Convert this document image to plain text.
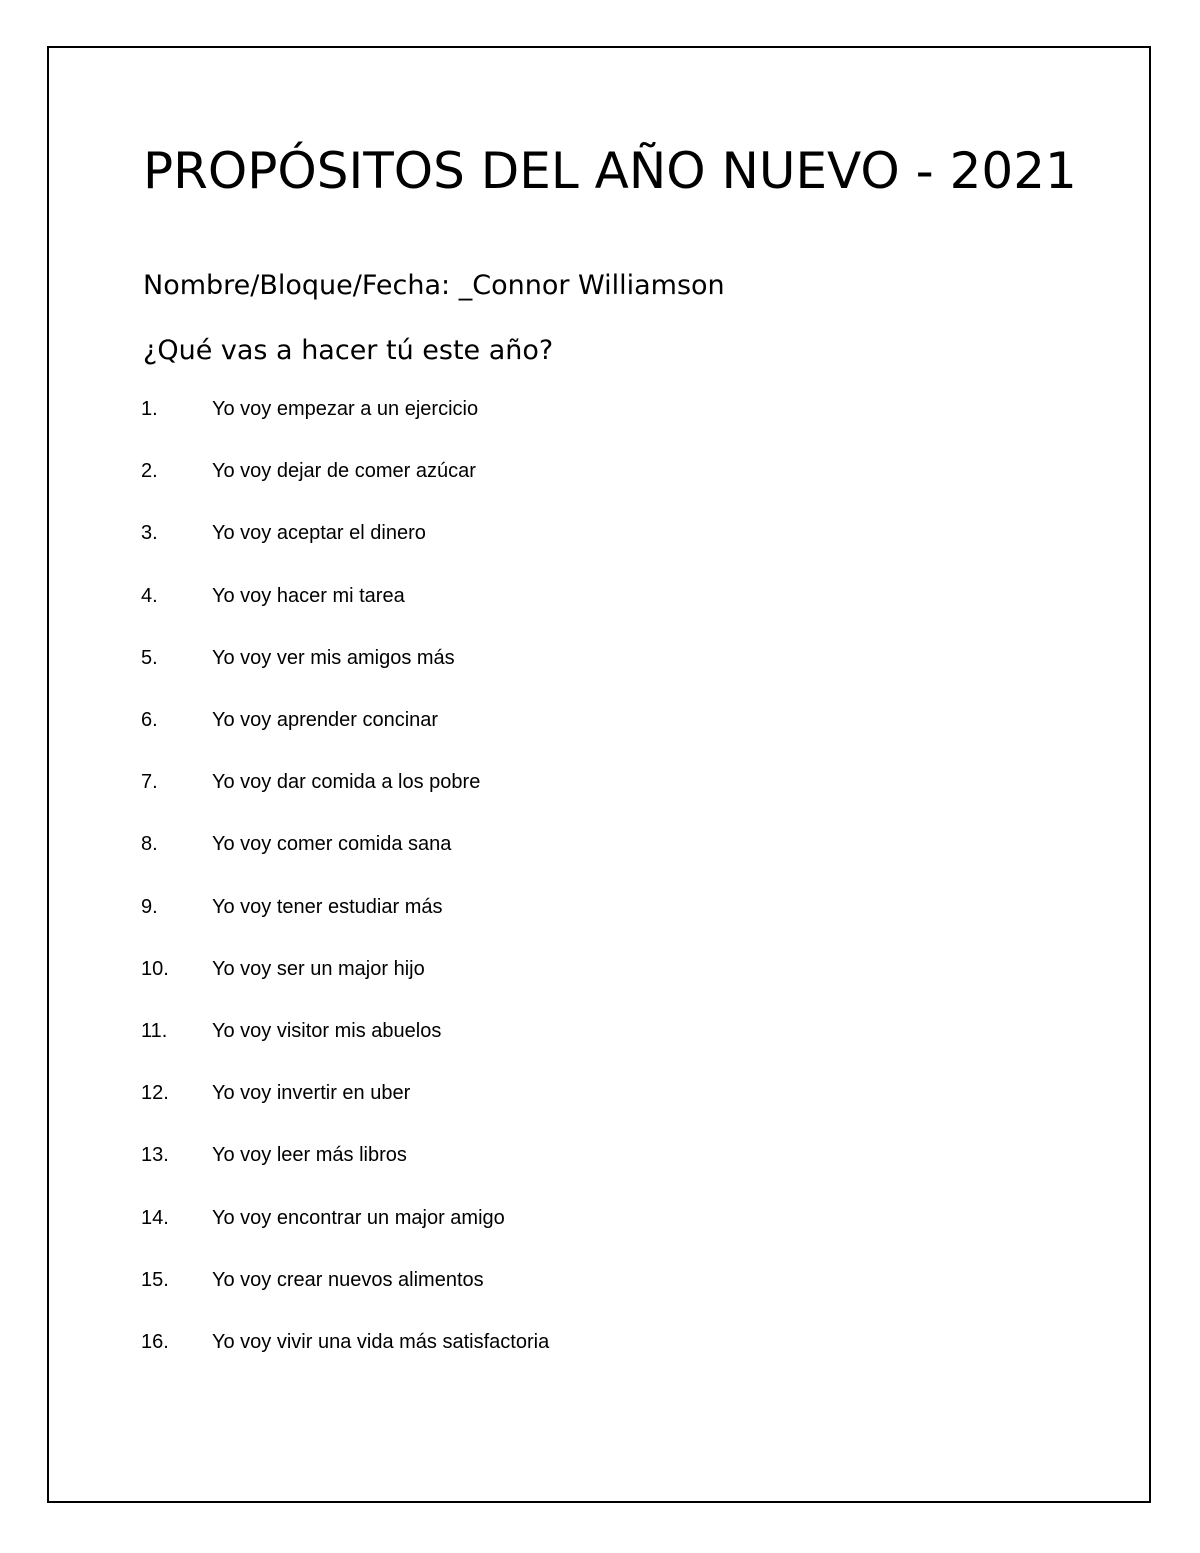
PROPÓSITOS DEL AÑO NUEVO - 2021

Nombre/Bloque/Fecha: _Connor Williamson

¿Qué vas a hacer tú este año?

1.	Yo voy empezar a un ejercicio
2.	Yo voy dejar de comer azúcar
3.	Yo voy aceptar el dinero
4.	Yo voy hacer mi tarea
5.	Yo voy ver mis amigos más
6.	Yo voy aprender concinar
7.	Yo voy dar comida a los pobre
8.	Yo voy comer comida sana
9.	Yo voy tener estudiar más
10. Yo voy ser un major hijo
11. Yo voy visitor mis abuelos
12. Yo voy invertir en uber
13. Yo voy leer más libros
14. Yo voy encontrar un major amigo
15. Yo voy crear nuevos alimentos
16. Yo voy vivir una vida más satisfactoria
